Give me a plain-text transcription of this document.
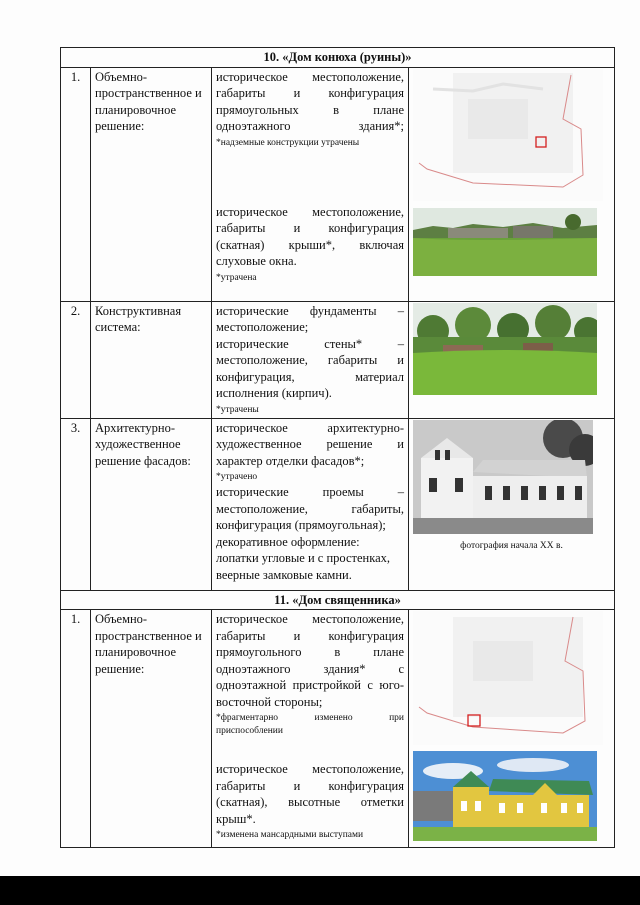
10. «Дом конюха (руины)»			
1.	Объемно-пространственное и планировочное решение:	историческое местоположение, габариты и конфигурация прямоугольных в плане одноэтажного здания*;

*надземные конструкции утрачены

историческое местоположение, габариты и конфигурация (скатная) крыши*, включая слуховые окна.

*утрачена

2.	Конструктивная система:	исторические фундаменты – местоположение;

исторические стены* – местоположение, габариты и конфигурация, материал исполнения (кирпич).

*утрачены

3.	Архитектурно-художественное решение фасадов:	историческое архитектурно-художественное решение и характер отделки фасадов*;

*утрачено

исторические проемы – местоположение, габариты, конфигурация (прямоугольная);

декоративное оформление: лопатки угловые и с простенках, веерные замковые камни.	фотография начала XX в.

11. «Дом священника»			
1.	Объемно-пространственное и планировочное решение:	историческое местоположение, габариты и конфигурация прямоугольного в плане одноэтажного здания* с одноэтажной пристройкой с юго-восточной стороны;

*фрагментарно изменено при приспособлении

историческое местоположение, габариты и конфигурация (скатная), высотные отметки крыш*.

*изменена мансардными выступами
